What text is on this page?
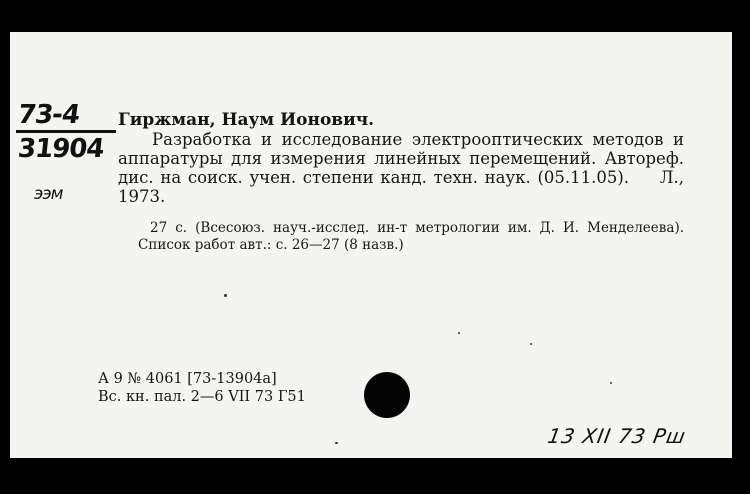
73-4
31904
ээм
Гиржман, Наум Ионович.
Разработка и исследование электрооптических методов и аппаратуры для измерения линейных перемещений. Автореф. дис. на соиск. учен. степени канд. техн. наук. (05.11.05). Л., 1973.
27 с. (Всесоюз. науч.-исслед. ин-т метрологии им. Д. И. Менделеева). Список работ авт.: с. 26—27 (8 назв.)
А 9 № 4061 [73-13904а]
Вс. кн. пал. 2—6 VII 73 Г51
13 XII 73 Рш
